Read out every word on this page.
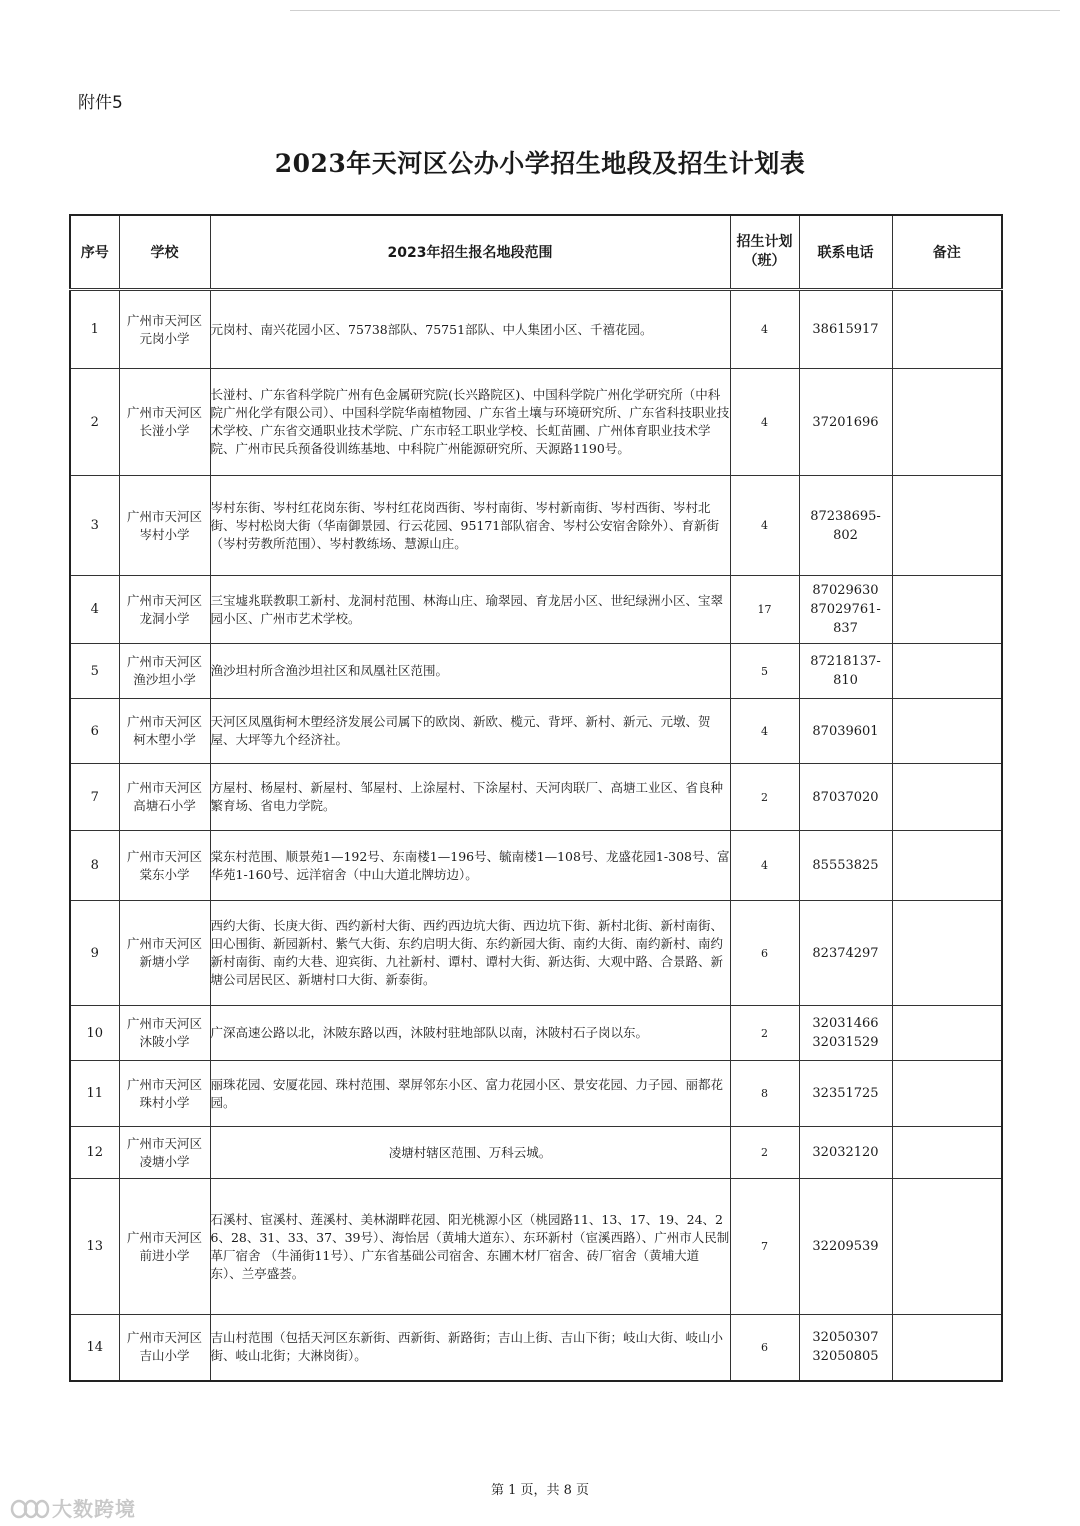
附件5
2023年天河区公办小学招生地段及招生计划表
序号	学校	2023年招生报名地段范围	招生计划
（班）	联系电话	备注
1	广州市天河区
元岗小学	元岗村、南兴花园小区、75738部队、75751部队、中人集团小区、千禧花园。	4	38615917	

2	广州市天河区
长湴小学	长湴村、广东省科学院广州有色金属研究院(长兴路院区)、中国科学院广州化学研究所（中科院广州化学有限公司）、中国科学院华南植物园、广东省土壤与环境研究所、广东省科技职业技术学校、广东省交通职业技术学院、广东市轻工职业学校、长虹苗圃、广州体育职业技术学院、广州市民兵预备役训练基地、中科院广州能源研究所、天源路1190号。	4	37201696	

3	广州市天河区
岑村小学	岑村东街、岑村红花岗东街、岑村红花岗西街、岑村南街、岑村新南街、岑村西街、岑村北街、岑村松岗大街（华南御景园、行云花园、95171部队宿舍、岑村公安宿舍除外）、育新街（岑村劳教所范围）、岑村教练场、慧源山庄。	4	87238695-802	

4	广州市天河区
龙洞小学	三宝墟兆联教职工新村、龙洞村范围、林海山庄、瑜翠园、育龙居小区、世纪绿洲小区、宝翠园小区、广州市艺术学校。	17	87029630
87029761-837	

5	广州市天河区
渔沙坦小学	渔沙坦村所含渔沙坦社区和凤凰社区范围。	5	87218137-810	

6	广州市天河区
柯木塱小学	天河区凤凰街柯木塱经济发展公司属下的欧岗、新欧、榄元、背坪、新村、新元、元墩、贺屋、大坪等九个经济社。	4	87039601	

7	广州市天河区
高塘石小学	方屋村、杨屋村、新屋村、邹屋村、上涂屋村、下涂屋村、天河肉联厂、高塘工业区、省良种繁育场、省电力学院。	2	87037020	

8	广州市天河区
棠东小学	棠东村范围、顺景苑1—192号、东南楼1—196号、毓南楼1—108号、龙盛花园1-308号、富华苑1-160号、远洋宿舍（中山大道北牌坊边）。	4	85553825	

9	广州市天河区
新塘小学	西约大街、长庚大街、西约新村大街、西约西边坑大街、西边坑下街、新村北街、新村南街、田心围街、新园新村、紫气大街、东约启明大街、东约新园大街、南约大街、南约新村、南约新村南街、南约大巷、迎宾街、九社新村、谭村、谭村大街、新达街、大观中路、合景路、新塘公司居民区、新塘村口大街、新泰街。	6	82374297	

10	广州市天河区
沐陂小学	广深高速公路以北，沐陂东路以西，沐陂村驻地部队以南，沐陂村石子岗以东。	2	32031466
32031529	

11	广州市天河区
珠村小学	丽珠花园、安厦花园、珠村范围、翠屏邻东小区、富力花园小区、景安花园、力子园、丽都花园。	8	32351725	

12	广州市天河区
凌塘小学	凌塘村辖区范围、万科云城。	2	32032120	

13	广州市天河区
前进小学	石溪村、宦溪村、莲溪村、美林湖畔花园、阳光桃源小区（桃园路11、13、17、19、24、26、28、31、33、37、39号）、海怡居（黄埔大道东）、东环新村（宦溪西路）、广州市人民制革厂宿舍 （牛涌街11号）、广东省基础公司宿舍、东圃木材厂宿舍、砖厂宿舍（黄埔大道东）、兰亭盛荟。	7	32209539	

14	广州市天河区
吉山小学	吉山村范围（包括天河区东新街、西新街、新路街；吉山上街、吉山下街；岐山大街、岐山小街、岐山北街；大淋岗街）。	6	32050307
32050805	

第 1 页，共 8 页
大数跨境
